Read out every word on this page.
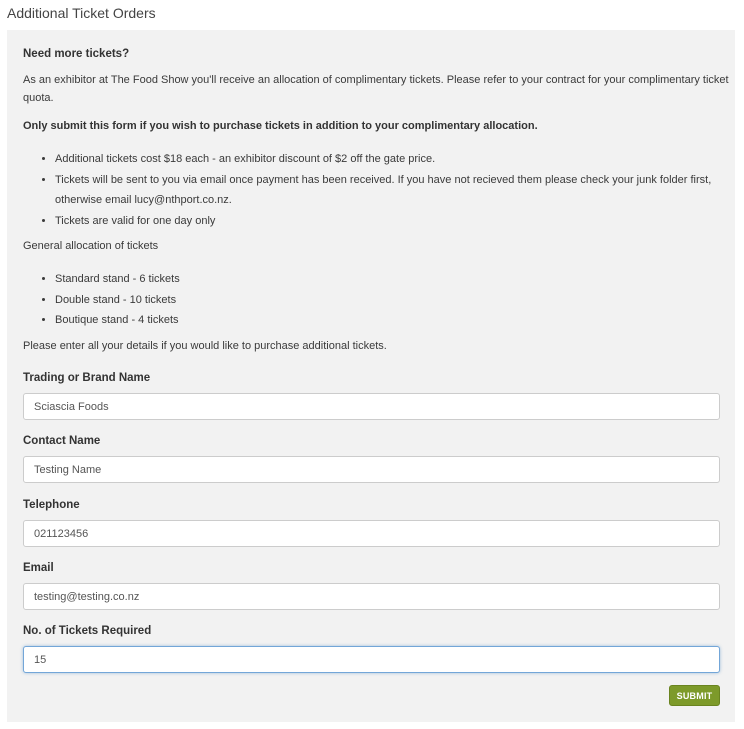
Additional Ticket Orders
Need more tickets?

As an exhibitor at The Food Show you'll receive an allocation of complimentary tickets. Please refer to your contract for your complimentary ticket quota.

Only submit this form if you wish to purchase tickets in addition to your complimentary allocation.

• Additional tickets cost $18 each - an exhibitor discount of $2 off the gate price.
• Tickets will be sent to you via email once payment has been received. If you have not recieved them please check your junk folder first, otherwise email lucy@nthport.co.nz.
• Tickets are valid for one day only

General allocation of tickets

• Standard stand - 6 tickets
• Double stand - 10 tickets
• Boutique stand - 4 tickets

Please enter all your details if you would like to purchase additional tickets.

Trading or Brand Name
Sciascia Foods
Contact Name
Testing Name
Telephone
021123456
Email
testing@testing.co.nz
No. of Tickets Required
15
SUBMIT
